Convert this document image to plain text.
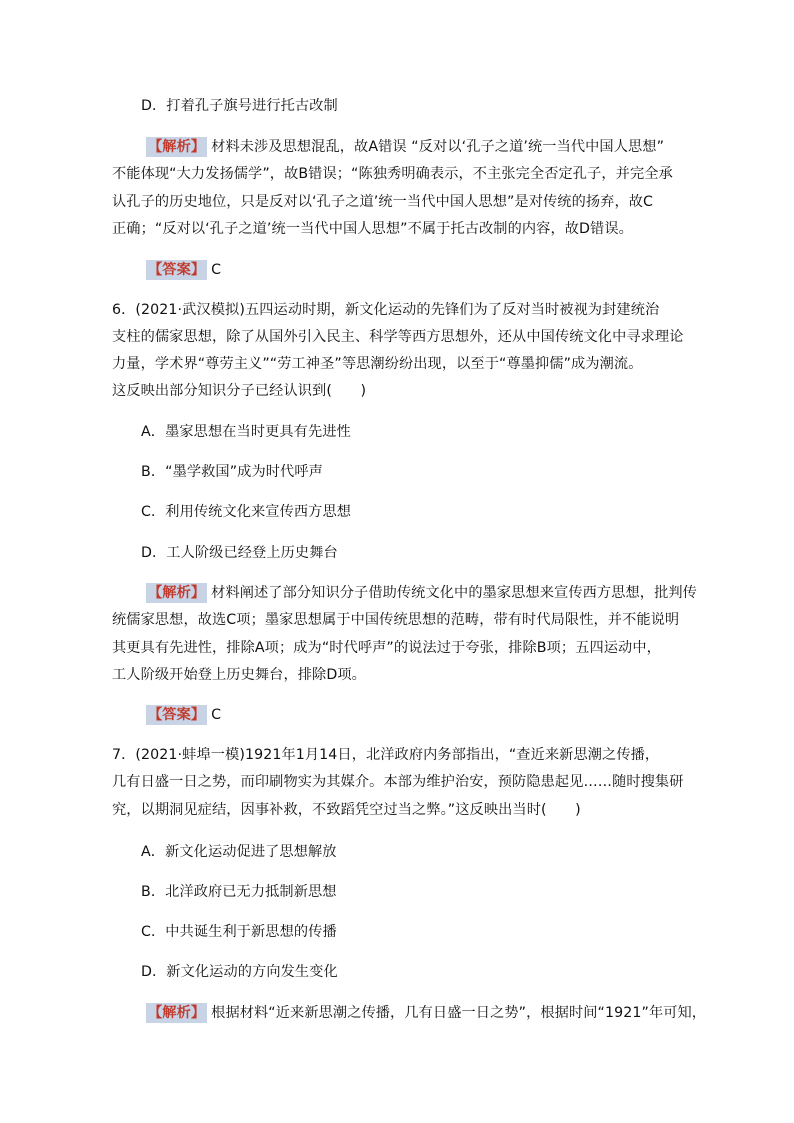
D．打着孔子旗号进行托古改制
【解析】 材料未涉及思想混乱，故A错误 “反对以‘孔子之道’统一当代中国人思想”
不能体现“大力发扬儒学”，故B错误；“陈独秀明确表示，不主张完全否定孔子，并完全承
认孔子的历史地位，只是反对以‘孔子之道’统一当代中国人思想”是对传统的扬弃，故C
正确；“反对以‘孔子之道’统一当代中国人思想”不属于托古改制的内容，故D错误。
【答案】 C
6．(2021·武汉模拟)五四运动时期，新文化运动的先锋们为了反对当时被视为封建统治
支柱的儒家思想，除了从国外引入民主、科学等西方思想外，还从中国传统文化中寻求理论
力量，学术界“尊劳主义”“劳工神圣”等思潮纷纷出现，以至于“尊墨抑儒”成为潮流。
这反映出部分知识分子已经认识到(　　)
A．墨家思想在当时更具有先进性
B．“墨学救国”成为时代呼声
C．利用传统文化来宣传西方思想
D．工人阶级已经登上历史舞台
【解析】 材料阐述了部分知识分子借助传统文化中的墨家思想来宣传西方思想，批判传
统儒家思想，故选C项；墨家思想属于中国传统思想的范畴，带有时代局限性，并不能说明
其更具有先进性，排除A项；成为“时代呼声”的说法过于夸张，排除B项；五四运动中，
工人阶级开始登上历史舞台，排除D项。
【答案】 C
7．(2021·蚌埠一模)1921年1月14日，北洋政府内务部指出，“查近来新思潮之传播，
几有日盛一日之势，而印刷物实为其媒介。本部为维护治安，预防隐患起见……随时搜集研
究，以期洞见症结，因事补救，不致蹈凭空过当之弊。”这反映出当时(　　)
A．新文化运动促进了思想解放
B．北洋政府已无力抵制新思想
C．中共诞生利于新思想的传播
D．新文化运动的方向发生变化
【解析】 根据材料“近来新思潮之传播，几有日盛一日之势”，根据时间“1921”年可知，
